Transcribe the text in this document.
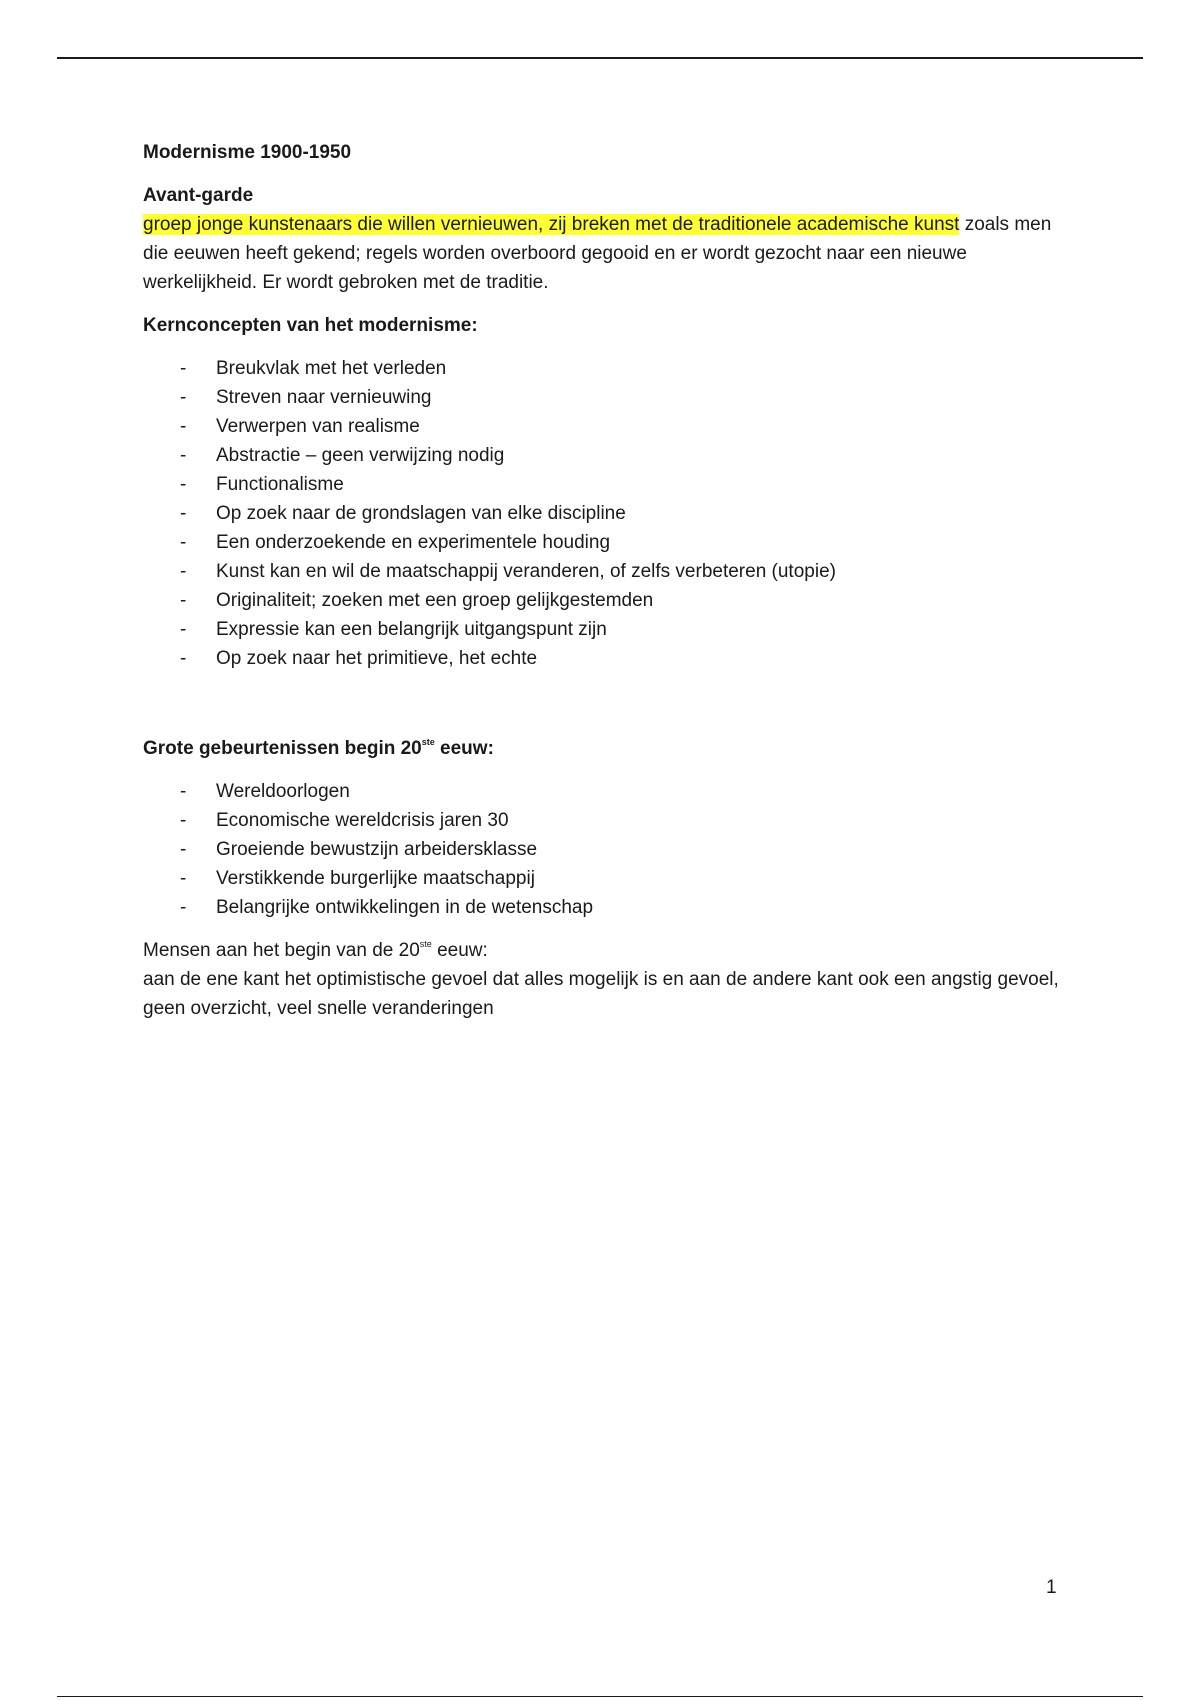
Modernisme 1900-1950

Avant-garde

groep jonge kunstenaars die willen vernieuwen, zij breken met de traditionele academische kunst zoals men die eeuwen heeft gekend; regels worden overboord gegooid en er wordt gezocht naar een nieuwe werkelijkheid. Er wordt gebroken met de traditie.

Kernconcepten van het modernisme:

- Breukvlak met het verleden
- Streven naar vernieuwing
- Verwerpen van realisme
- Abstractie – geen verwijzing nodig
- Functionalisme
- Op zoek naar de grondslagen van elke discipline
- Een onderzoekende en experimentele houding
- Kunst kan en wil de maatschappij veranderen, of zelfs verbeteren (utopie)
- Originaliteit; zoeken met een groep gelijkgestemden
- Expressie kan een belangrijk uitgangspunt zijn
- Op zoek naar het primitieve, het echte

Grote gebeurtenissen begin 20ste eeuw:

- Wereldoorlogen
- Economische wereldcrisis jaren 30
- Groeiende bewustzijn arbeidersklasse
- Verstikkende burgerlijke maatschappij
- Belangrijke ontwikkelingen in de wetenschap

Mensen aan het begin van de 20ste eeuw:
aan de ene kant het optimistische gevoel dat alles mogelijk is en aan de andere kant ook een angstig gevoel, geen overzicht, veel snelle veranderingen

1
